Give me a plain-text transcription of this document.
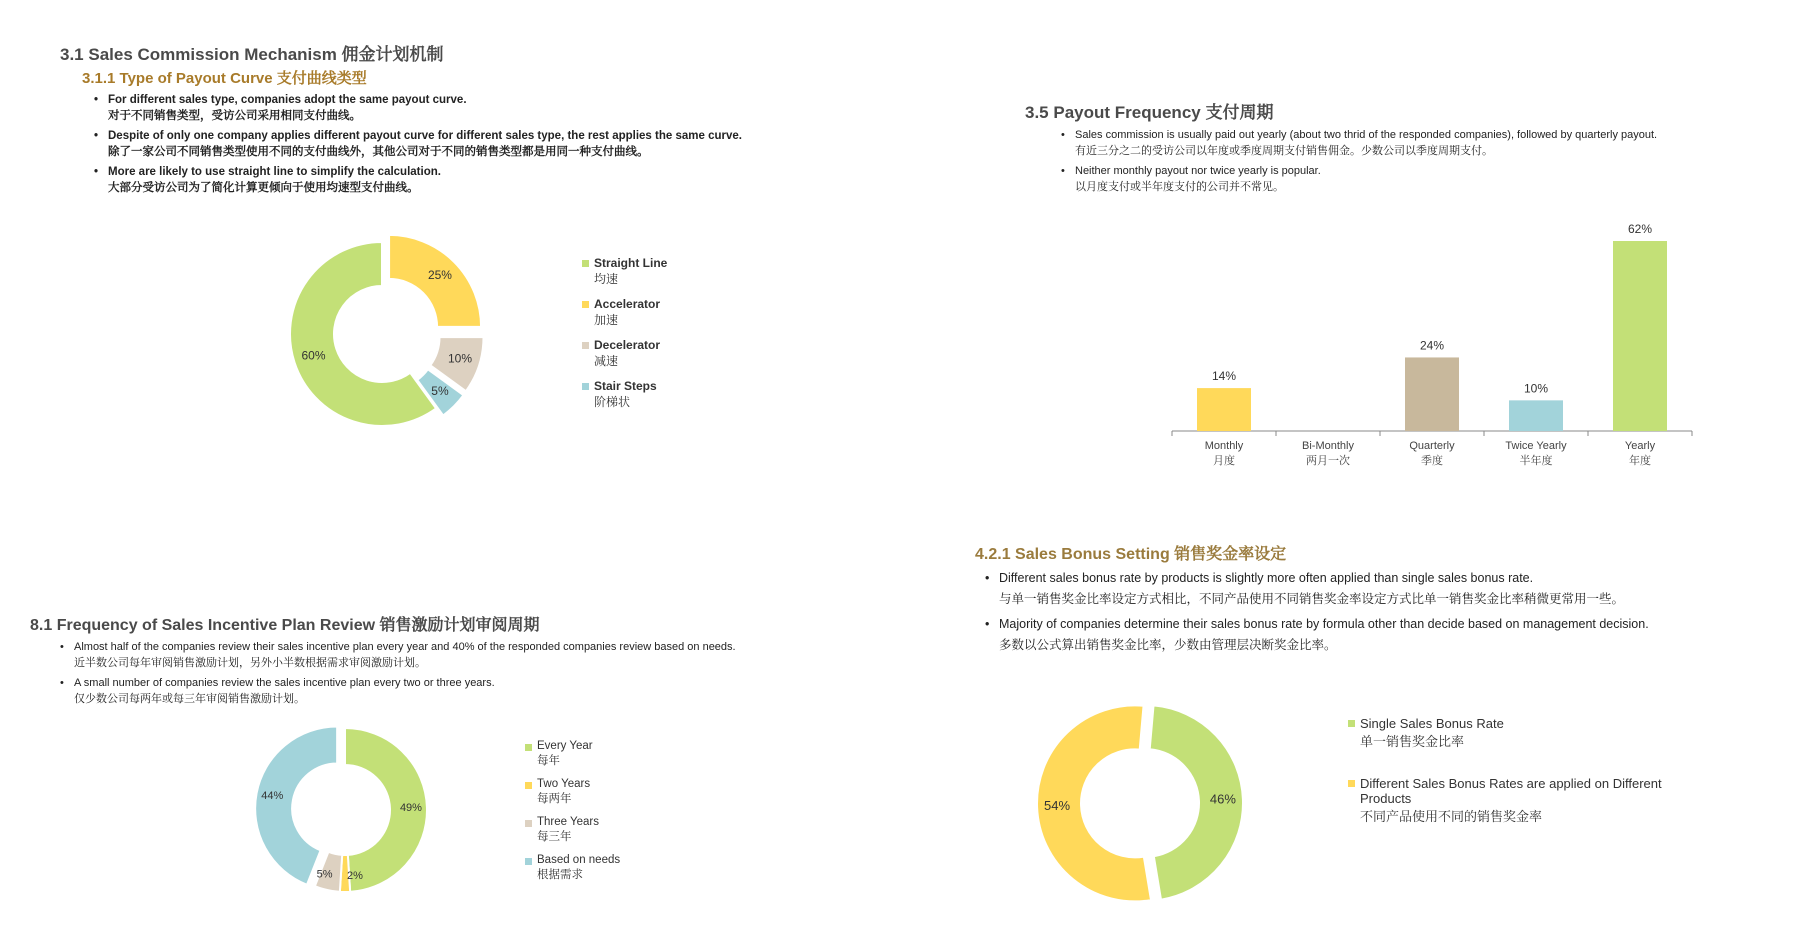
3.1 Sales Commission Mechanism 佣金计划机制
3.1.1 Type of Payout Curve 支付曲线类型
• For different sales type, companies adopt the same payout curve.
对于不同销售类型，受访公司采用相同支付曲线。
• Despite of only one company applies different payout curve for different sales type, the rest applies the same curve.
除了一家公司不同销售类型使用不同的支付曲线外，其他公司对于不同的销售类型都是用同一种支付曲线。
• More are likely to use straight line to simplify the calculation.
大部分受访公司为了简化计算更倾向于使用均速型支付曲线。
25%
10%
5%
60%
Straight Line
均速
Accelerator
加速
Decelerator
减速
Stair Steps
阶梯状
3.5 Payout Frequency 支付周期
• Sales commission is usually paid out yearly (about two thrid of the responded companies), followed by quarterly payout.
有近三分之二的受访公司以年度或季度周期支付销售佣金。少数公司以季度周期支付。
• Neither monthly payout nor twice yearly is popular.
以月度支付或半年度支付的公司并不常见。
14%
Monthly
月度
Bi-Monthly
两月一次
24%
Quarterly
季度
10%
Twice Yearly
半年度
62%
Yearly
年度
8.1 Frequency of Sales Incentive Plan Review 销售激励计划审阅周期
• Almost half of the companies review their sales incentive plan every year and 40% of the responded companies review based on needs.
近半数公司每年审阅销售激励计划，另外小半数根据需求审阅激励计划。
• A small number of companies review the sales incentive plan every two or three years.
仅少数公司每两年或每三年审阅销售激励计划。
49%
2%
5%
44%
Every Year
每年
Two Years
每两年
Three Years
每三年
Based on needs
根据需求
4.2.1 Sales Bonus Setting 销售奖金率设定
• Different sales bonus rate by products is slightly more often applied than single sales bonus rate.
与单一销售奖金比率设定方式相比，不同产品使用不同销售奖金率设定方式比单一销售奖金比率稍微更常用一些。
• Majority of companies determine their sales bonus rate by formula other than decide based on management decision.
多数以公式算出销售奖金比率，少数由管理层决断奖金比率。
46%
54%
Single Sales Bonus Rate
单一销售奖金比率
Different Sales Bonus Rates are applied on Different Products
不同产品使用不同的销售奖金率
